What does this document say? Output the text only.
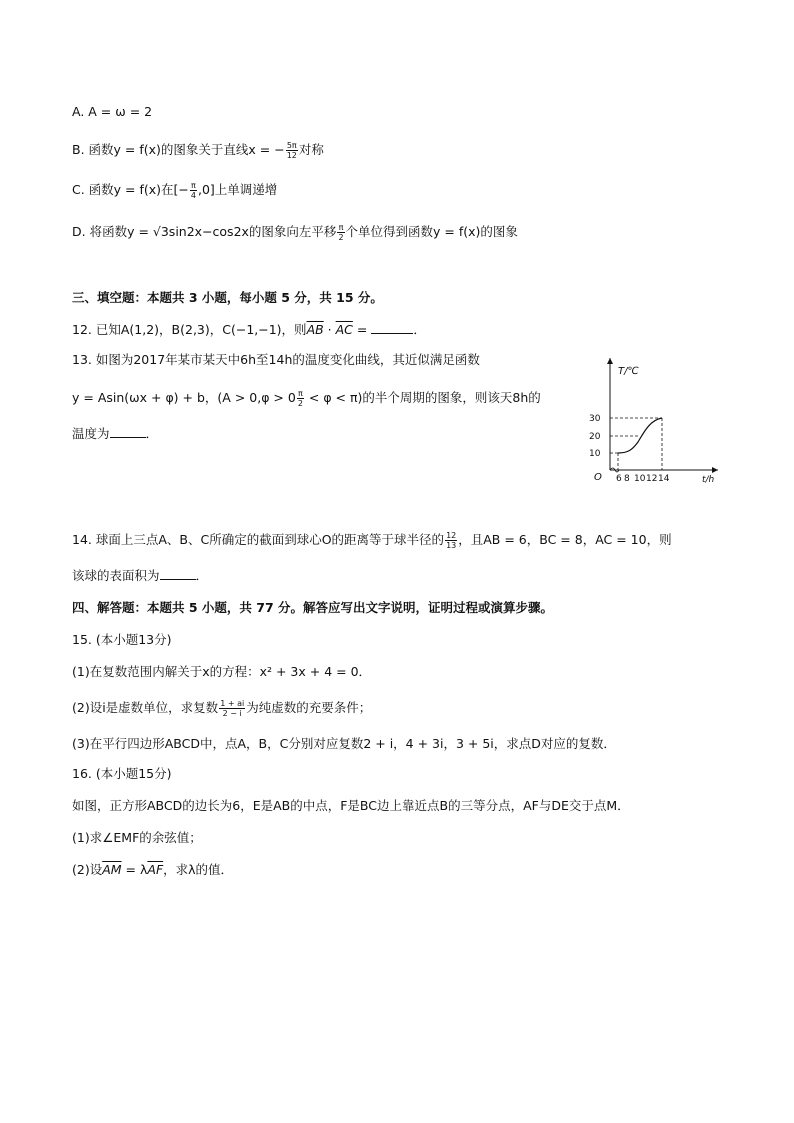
A. A = ω = 2
B. 函数y = f(x)的图象关于直线x = − $\frac{5\pi}{12}$ 对称
C. 函数y = f(x)在[− $\frac{\pi}{4} ,0$]上单调递增
D. 将函数y = √3sin2x−cos2x的图象向左平移 $\frac{\pi}{2}$ 个单位得到函数y = f(x)的图象
三、填空题：本题共 3 小题，每小题 5 分，共 15 分。
12. 已知A(1,2)，B(2,3)，C(−1,−1)，则$\overline{AB} \cdot \overline{AC}$ =	．
13. 如图为2017年某市某天中6h至14h的温度变化曲线，其近似满足函数
y = Asin(ωx + φ) + b，$(A > 0,\varphi > 0 \frac{\pi}{2} < \varphi < \pi)$的半个周期的图象，则该天8h的
温度为	．
T/℃
t/h
O
30
20
10
6 8 10 12 14
14. 球面上三点A、B、C所确定的截面到球心O的距离等于球半径的 $\frac{12}{13}$ ，且AB = 6，BC = 8，AC = 10，则
该球的表面积为	．
四、解答题：本题共 5 小题，共 77 分。解答应写出文字说明，证明过程或演算步骤。
15. (本小题13分)
(1)在复数范围内解关于x的方程：x² + 3x + 4 = 0．
(2)设i是虚数单位，求复数 $\frac{1 + ai}{2 - i}$ 为纯虚数的充要条件；
(3)在平行四边形ABCD中，点A，B，C分别对应复数2 + i，4 + 3i，3 + 5i，求点D对应的复数．
16. (本小题15分)
如图，正方形ABCD的边长为6，E是AB的中点，F是BC边上靠近点B的三等分点，AF与DE交于点M．
(1)求∠EMF的余弦值；
(2)设$\overline{AM} = \lambda\overline{AF}$，求λ的值．
